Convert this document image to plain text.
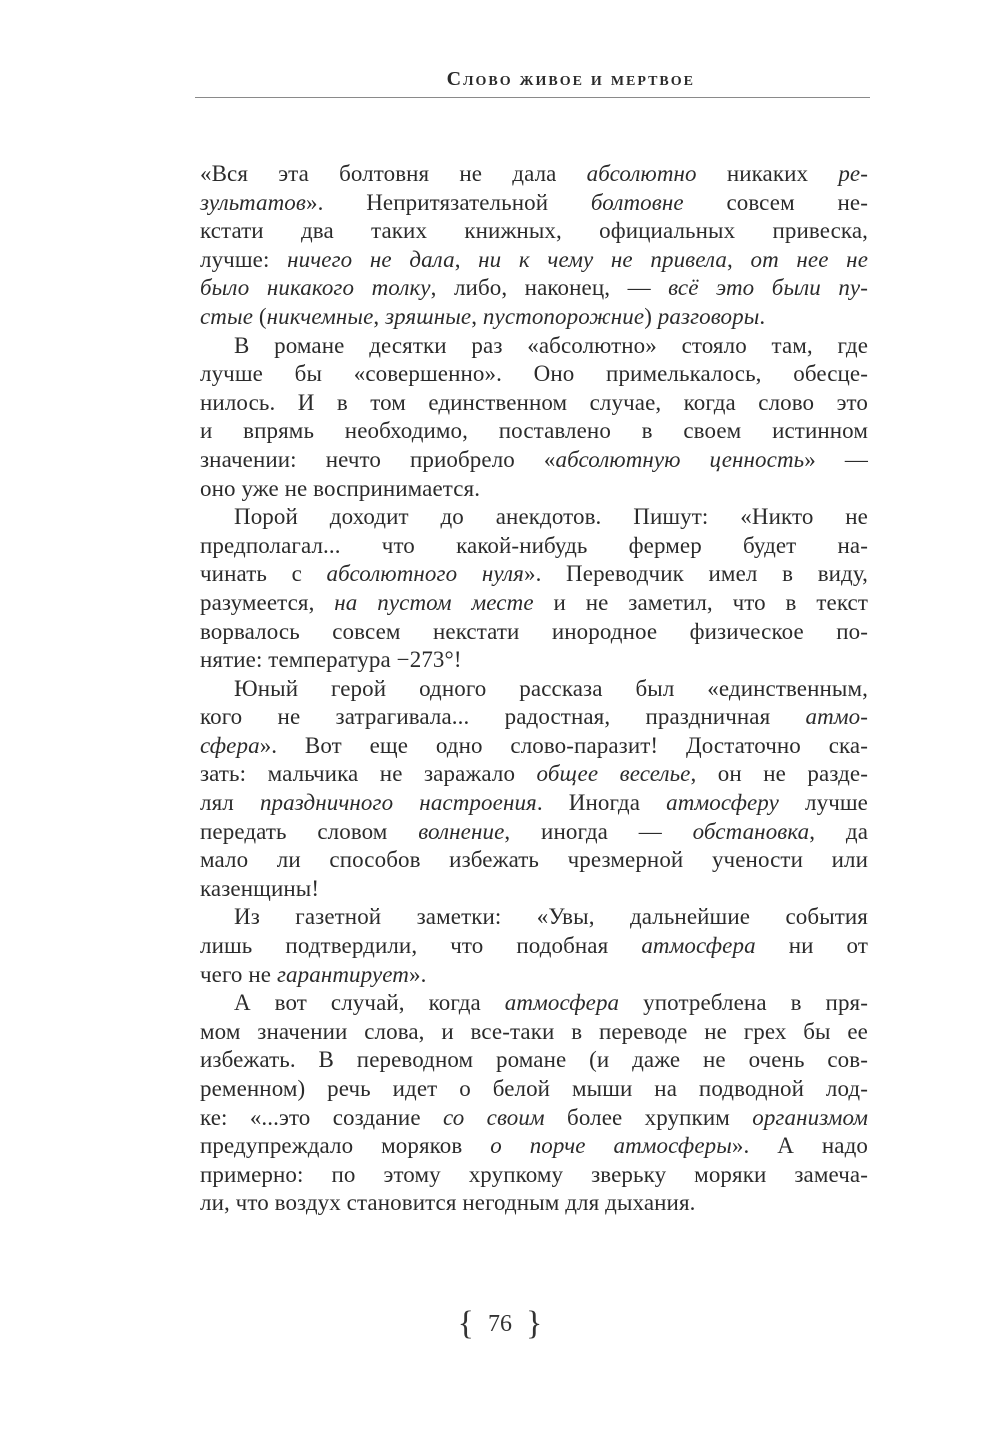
Слово живое и мертвое
«Вся эта болтовня не дала абсолютно никаких ре-
зультатов». Непритязательной болтовне совсем не-
кстати два таких книжных, официальных привеска,
лучше: ничего не дала, ни к чему не привела, от нее не
было никакого толку, либо, наконец, — всё это были пу-
стые (никчемные, зряшные, пустопорожние) разговоры.
В романе десятки раз «абсолютно» стояло там, где
лучше бы «совершенно». Оно примелькалось, обесце-
нилось. И в том единственном случае, когда слово это
и впрямь необходимо, поставлено в своем истинном
значении: нечто приобрело «абсолютную ценность» —
оно уже не воспринимается.
Порой доходит до анекдотов. Пишут: «Никто не
предполагал... что какой-нибудь фермер будет на-
чинать с абсолютного нуля». Переводчик имел в виду,
разумеется, на пустом месте и не заметил, что в текст
ворвалось совсем некстати инородное физическое по-
нятие: температура −273°!
Юный герой одного рассказа был «единственным,
кого не затрагивала... радостная, праздничная атмо-
сфера». Вот еще одно слово-паразит! Достаточно ска-
зать: мальчика не заражало общее веселье, он не разде-
лял праздничного настроения. Иногда атмосферу лучше
передать словом волнение, иногда — обстановка, да
мало ли способов избежать чрезмерной учености или
казенщины!
Из газетной заметки: «Увы, дальнейшие события
лишь подтвердили, что подобная атмосфера ни от
чего не гарантирует».
А вот случай, когда атмосфера употреблена в пря-
мом значении слова, и все-таки в переводе не грех бы ее
избежать. В переводном романе (и даже не очень сов-
ременном) речь идет о белой мыши на подводной лод-
ке: «...это создание со своим более хрупким организмом
предупреждало моряков о порче атмосферы». А надо
примерно: по этому хрупкому зверьку моряки замеча-
ли, что воздух становится негодным для дыхания.
{ 76 }
